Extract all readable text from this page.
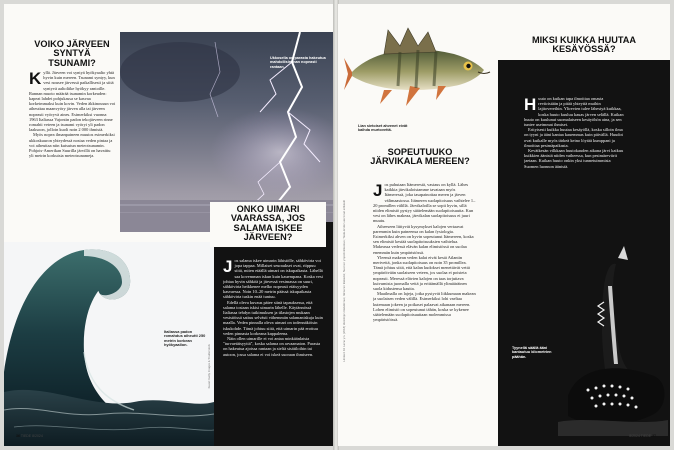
VOIKO JÄRVEEN SYNTYÄ TSUNAMI?
K yllä. Järveen voi syntyä hyökyaalto yhtä hyvin kuin mereen. Tsunami syntyy, kun vesi nousee järvessä paikallisesti ja siitä syntyvä aaltoliike hyökyy rantoille. Rannan muoto määrää tsunamin korkeuden: kapeat lahdet pohjukassa se kasvaa korkeimmaksi kuin kovin. Veden äkkinousun voi aiheuttaa maanvyöry järven alla tai järveen nopeasti vyöryvä aines. Esimerkiksi vuonna 1963 Italiassa Vajontin padon tekojärveen rinne romahti veteen ja tsunami vyöryi yli padon laaksoon, jolloin kuoli noin 2 000 ihmistä.

Myös nopea ilmanpaineen muutos esimerkiksi ukkoskuuron yhteydessä nostaa veden pintaa ja voi aiheuttaa niin kutsutun meteotsunamin. Pohjois-Amerikan Suurilla järvillä on havaittu yli metrin korkuisia meteotsunameja.

Ukkosella on parasta hakeutua mahdollisimman nopeasti rantaan.
Italiassa padon romahdus aiheutti 250 metrin korkean hyökyaallon.
ONKO UIMARI VAARASSA, JOS SALAMA ISKEE JÄRVEEN?
J os salama iskee uimarin lähistölle, sähkövirta voi jopa tappaa. Millaiset seuraukset ovat, riippuu siitä, miten etäällä uimari on iskupaikasta. Lähellä saa kovemman iskun kuin kauempana. Koska vesi johtaa hyvin sähköä ja järvessä vesimassa on suuri, sähkövirta heikkenee melko nopeasti etäisyyden kasvaessa. Noin 10–20 metrin päässä iskupaikasta sähkövirta tuskin enää tuntuu.

Edellä oleva kuvaus pätee siinä tapauksessa, että salama tosiaan iskisi uimarin lähelle. Käytännössä Italiassa tehdyn tutkimuksen ja tilastojen mukaan vesistöissä sattuu selvästi vähemmän salamaniskuja kuin maalla. Veden pinnalla oleva uimari on todennäköisin iskukohde. Tämä johtuu siitä, että uimarin pää erottuu veden pinnasta korkeana kappaleena.

Näin ollen uimarille ei voi antaa minkäänlaista "turvaetäisyyttä", koska salama on arvaamaton. Parasta on hakeutua ajoissa rantaan ja sieltä sisätiloihin tai autoon, jossa salama ei voi iskeä suoraan ihmiseen.

Kuvat: Getty Images & Shutterstock
36 TIEDE 8/2024
Lian sietoiset ahvenet eivät kaihda murtovettä.
Lähteet: Ari Laine ym. (2018) Vesistöjen tilatutkimus; Itämeren tilatiedot; Suomen ympäristökeskus; Tiede-lehden aiemmat artikkelit
SOPEUTUUKO JÄRVIKALA MEREEN?
J os puhutaan Itämerestä, vastaus on kyllä. Lähes kaikkia järvikaloistamme tavataan myös Itämeressä, joka tasapainottaa meren ja järven välimaastossa. Itämeren suolapitoisuus vaihtelee 1–20 promillen välillä. Järvikaloilla se sopii hyvin, sillä niiden elimistö pystyy säätelemään suolapitoisuutta. Kun vesi on lähes makeaa, järvikalan suolapitoisuus ei juuri muutu.

Aiheeseen liittyvät kysymykset kalojen vertaavat paremmin kuin paineensa on kalan fysiologia. Esimerkiksi ahven on hyvin sopeutunut Itämereen, koska sen elimistö kestää suolapitoisuuksien vaihtelua. Makeassa vedessä elävän kalan elimistössä on suolaa enemmän kuin ympäristössä.

Yleensä makean veden kalat eivät kestä Atlantin merivettä, jonka suolapitoisuus on noin 35 promillea. Tämä johtuu siitä, että kalan kudokset menettävät vettä ympäröivään suolaiseen veteen, jos suolaa ei poisteta nopeasti. Meressä elävien kalojen on taas torjuttava kuivumista juomalla vettä ja erittämällä ylimääräinen suola kidustensa kautta.

Maailmalla on lajeja, jotka pystyvät liikkumaan makean ja suolaisen veden välillä. Esimerkiksi lohi vaeltaa kutemaan jokeen ja poikaset palaavat aikanaan mereen. Lohen elimistö on sopeutunut tähän, koska se kykenee säätelemään suolapitoisuuttaan molemmissa ympäristöissä.

MIKSI KUIKKA HUUTAA KESÄYÖSSÄ?
H uuto on kuikan tapa ilmoittaa omasta reviiristään ja pitää yhteyttä muihin lajitovereihin. Ylirevien tulee lähestyä kuikkaa, koska huuto kuuluu kauas järven selällä. Kuikan huuto on kuulunut suomalaiseen kesäyöhön aina, ja sen tuntee useimmat ihmiset.

Erityisesti kuikka huutaa kesäyöllä, koska silloin ilma on tyyni ja ääni kantaa kauemmas kuin päivällä. Huudot ovat kuikalle myös tärkeä keino löytää kumppani ja ilmoittaa pesimäpaikasta.

Kevätkesän vilkkaan huutokauden aikana järvi kaikuu kuikkien äänistä niiden vaiheessa, kun pesimäreviirit jaetaan. Kuikan huuto onkin yksi tunnetuimmista Suomen luonnon äänistä.

Tyynellä säällä ääni kantautuu kilometrien päähän.
8/2024 TIEDE 37
